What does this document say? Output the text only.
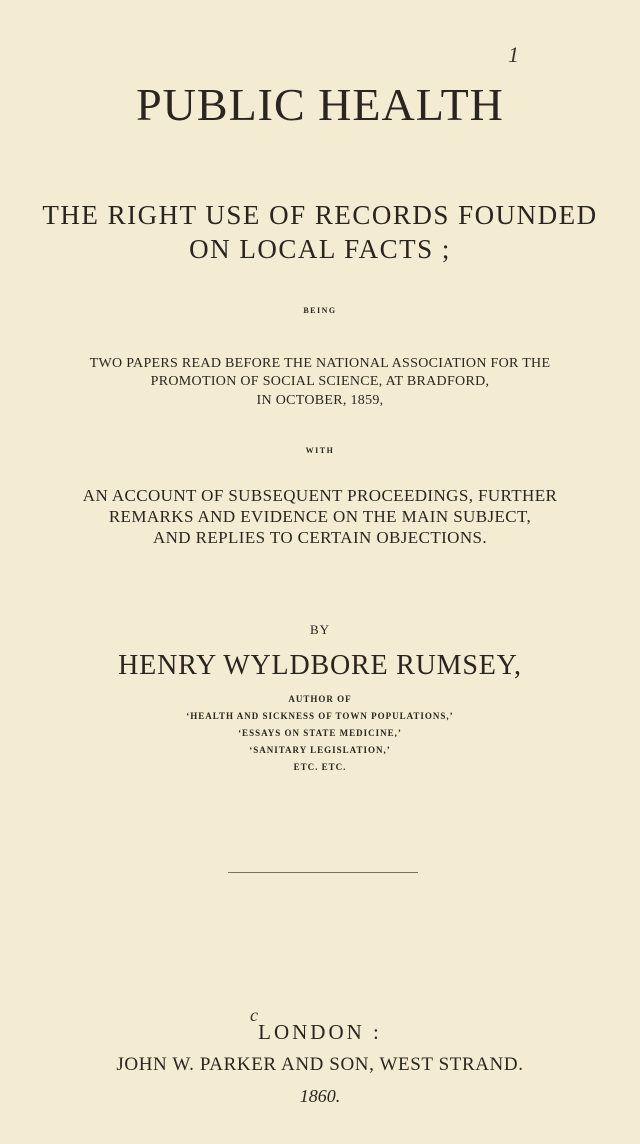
PUBLIC HEALTH
1
THE RIGHT USE OF RECORDS FOUNDED
ON LOCAL FACTS ;
BEING
TWO PAPERS READ BEFORE THE NATIONAL ASSOCIATION FOR THE
PROMOTION OF SOCIAL SCIENCE, AT BRADFORD,
IN OCTOBER, 1859,
WITH
AN ACCOUNT OF SUBSEQUENT PROCEEDINGS, FURTHER
REMARKS AND EVIDENCE ON THE MAIN SUBJECT,
AND REPLIES TO CERTAIN OBJECTIONS.
BY
HENRY WYLDBORE RUMSEY,
AUTHOR OF
‘HEALTH AND SICKNESS OF TOWN POPULATIONS,’
‘ESSAYS ON STATE MEDICINE,’
‘SANITARY LEGISLATION,’
ETC. ETC.
c
LONDON :
JOHN W. PARKER AND SON, WEST STRAND.
1860.
